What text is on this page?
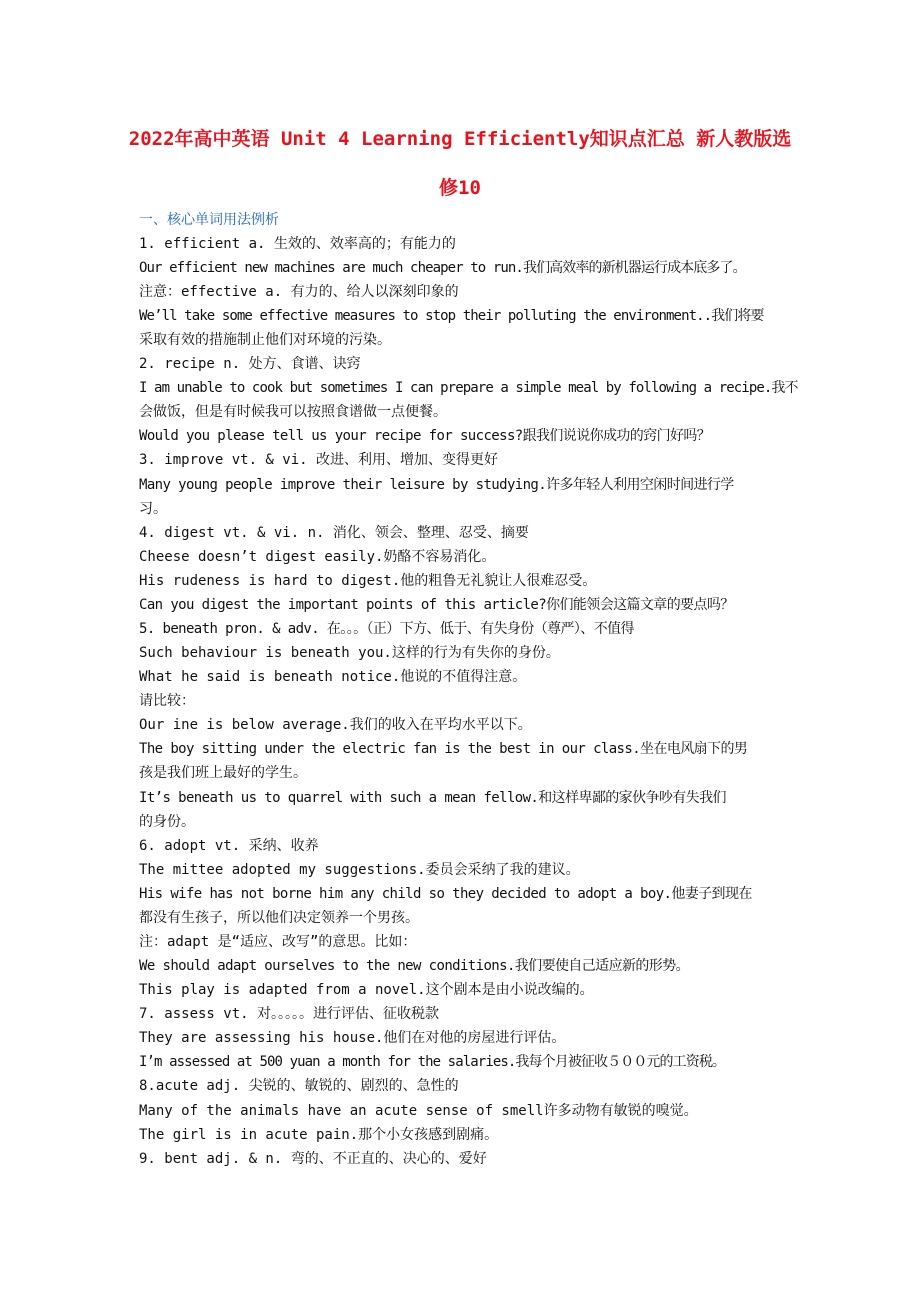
2022年高中英语 Unit 4 Learning Efficiently知识点汇总 新人教版选
修10
一、核心单词用法例析
1. efficient a. 生效的、效率高的；有能力的
Our efficient new machines are much cheaper to run.我们高效率的新机器运行成本底多了。
注意：effective a. 有力的、给人以深刻印象的
We’ll take some effective measures to stop their polluting the environment..我们将要
采取有效的措施制止他们对环境的污染。
2. recipe n. 处方、食谱、诀窍
I am unable to cook but sometimes I can prepare a simple meal by following a recipe.我不
会做饭，但是有时候我可以按照食谱做一点便餐。
Would you please tell us your recipe for success?跟我们说说你成功的窍门好吗？
3. improve vt. & vi. 改进、利用、增加、变得更好
Many young people improve their leisure by studying.许多年轻人利用空闲时间进行学
习。
4. digest vt. & vi. n. 消化、领会、整理、忍受、摘要
Cheese doesn’t digest easily.奶酪不容易消化。
His rudeness is hard to digest.他的粗鲁无礼貌让人很难忍受。
Can you digest the important points of this article?你们能领会这篇文章的要点吗？
5. beneath pron. & adv. 在。。。（正）下方、低于、有失身份（尊严）、不值得
Such behaviour is beneath you.这样的行为有失你的身份。
What he said is beneath notice.他说的不值得注意。
请比较：
Our ine is below average.我们的收入在平均水平以下。
The boy sitting under the electric fan is the best in our class.坐在电风扇下的男
孩是我们班上最好的学生。
It’s beneath us to quarrel with such a mean fellow.和这样卑鄙的家伙争吵有失我们
的身份。
6. adopt vt. 采纳、收养
The mittee adopted my suggestions.委员会采纳了我的建议。
His wife has not borne him any child so they decided to adopt a boy.他妻子到现在
都没有生孩子，所以他们决定领养一个男孩。
注：adapt 是“适应、改写”的意思。比如：
We should adapt ourselves to the new conditions.我们要使自己适应新的形势。
This play is adapted from a novel.这个剧本是由小说改编的。
7. assess vt. 对。。。。。进行评估、征收税款
They are assessing his house.他们在对他的房屋进行评估。
I’m assessed at 500 yuan a month for the salaries.我每个月被征收５００元的工资税。
8.acute adj. 尖锐的、敏锐的、剧烈的、急性的
Many of the animals have an acute sense of smell许多动物有敏锐的嗅觉。
The girl is in acute pain.那个小女孩感到剧痛。
9. bent adj. & n. 弯的、不正直的、决心的、爱好
